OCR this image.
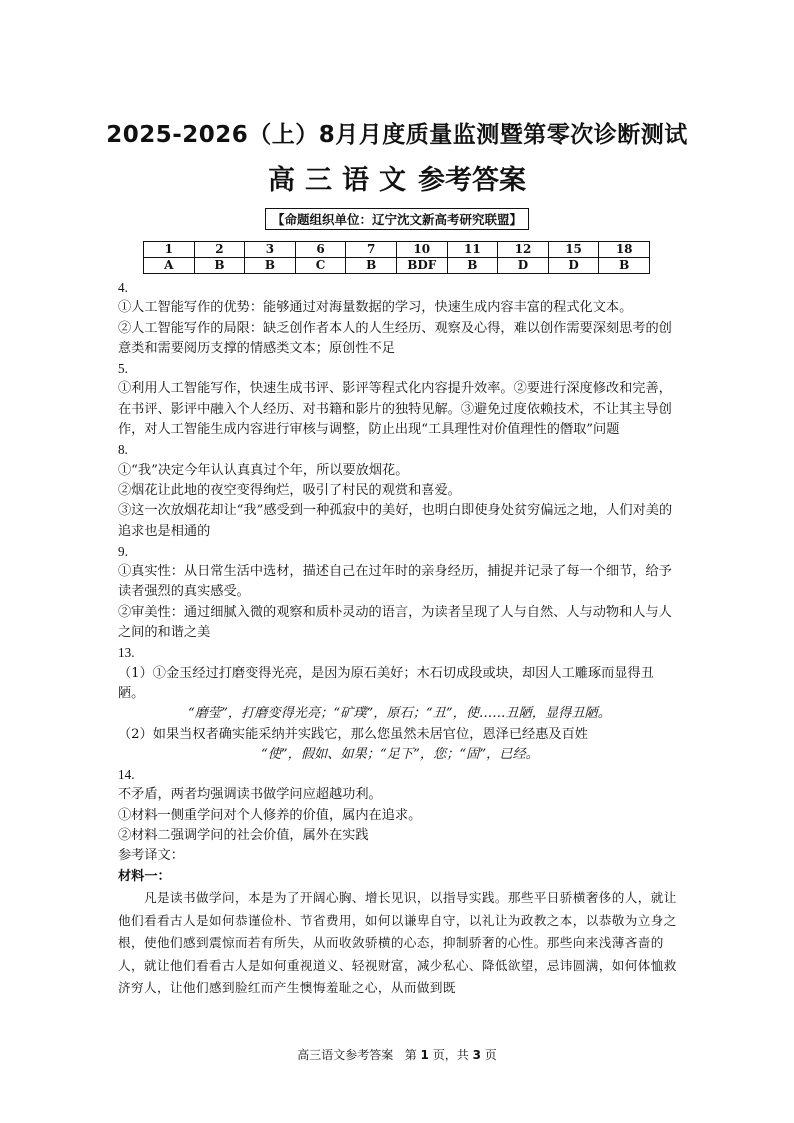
2025-2026（上）8月月度质量监测暨第零次诊断测试
高三语文参考答案
【命题组织单位：辽宁沈文新高考研究联盟】
1	2	3	6	7	10	11	12	15	18
A	B	B	C	B	BDF	B	D	D	B

4.

①人工智能写作的优势：能够通过对海量数据的学习，快速生成内容丰富的程式化文本。

②人工智能写作的局限：缺乏创作者本人的人生经历、观察及心得，难以创作需要深刻思考的创意类和需要阅历支撑的情感类文本；原创性不足

5.

①利用人工智能写作，快速生成书评、影评等程式化内容提升效率。②要进行深度修改和完善，在书评、影评中融入个人经历、对书籍和影片的独特见解。③避免过度依赖技术，不让其主导创作，对人工智能生成内容进行审核与调整，防止出现“工具理性对价值理性的僭取”问题

8.

①“我”决定今年认认真真过个年，所以要放烟花。

②烟花让此地的夜空变得绚烂，吸引了村民的观赏和喜爱。

③这一次放烟花却让“我”感受到一种孤寂中的美好，也明白即使身处贫穷偏远之地，人们对美的追求也是相通的

9.

①真实性：从日常生活中选材，描述自己在过年时的亲身经历，捕捉并记录了每一个细节，给予读者强烈的真实感受。

②审美性：通过细腻入微的观察和质朴灵动的语言，为读者呈现了人与自然、人与动物和人与人之间的和谐之美

13.

（1）①金玉经过打磨变得光亮，是因为原石美好；木石切成段或块，却因人工雕琢而显得丑陋。

“磨莹”，打磨变得光亮；“矿璞”，原石；“丑”，使……丑陋，显得丑陋。

（2）如果当权者确实能采纳并实践它，那么您虽然未居官位，恩泽已经惠及百姓

“使”，假如、如果；“足下”，您；“固”，已经。

14.

不矛盾，两者均强调读书做学问应超越功利。

①材料一侧重学问对个人修养的价值，属内在追求。

②材料二强调学问的社会价值，属外在实践

参考译文：

材料一：

凡是读书做学问，本是为了开阔心胸、增长见识，以指导实践。那些平日骄横奢侈的人，就让他们看看古人是如何恭谨俭朴、节省费用，如何以谦卑自守，以礼让为政教之本，以恭敬为立身之根，使他们感到震惊而若有所失，从而收敛骄横的心态，抑制骄奢的心性。那些向来浅薄吝啬的人，就让他们看看古人是如何重视道义、轻视财富，减少私心、降低欲望，忌讳圆满，如何体恤救济穷人，让他们感到脸红而产生懊悔羞耻之心，从而做到既

高三语文参考答案 第 1 页，共 3 页
